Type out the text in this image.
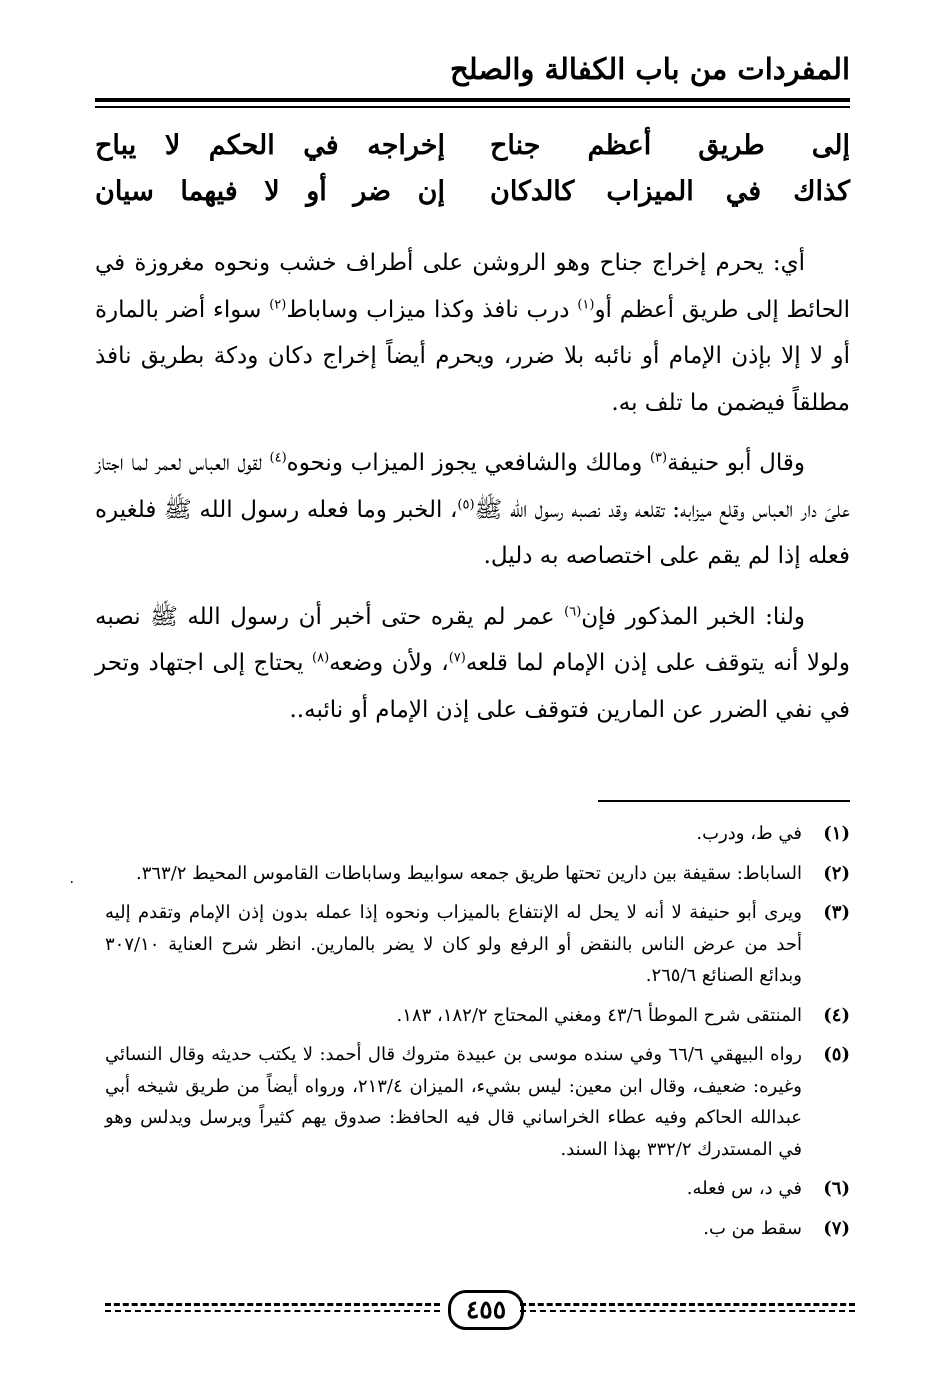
المفردات من باب الكفالة والصلح
إلى طريق أعظم جناح
إخراجه في الحكم لا يباح
كذاك في الميزاب كالدكان
إن ضر أو لا فيهما سيان

أي: يحرم إخراج جناح وهو الروشن على أطراف خشب ونحوه مغروزة في الحائط إلى طريق أعظم أو$^{(١)}$ درب نافذ وكذا ميزاب وساباط$^{(٢)}$ سواء أضر بالمارة أو لا إلا بإذن الإمام أو نائبه بلا ضرر، ويحرم أيضاً إخراج دكان ودكة بطريق نافذ مطلقاً فيضمن ما تلف به.

وقال أبو حنيفة$^{(٣)}$ ومالك والشافعي يجوز الميزاب ونحوه$^{(٤)}$ لقول العباس لعمر لما اجتاز علىَ دار العباس وقلع ميزابه: تقلعه وقد نصبه رسول الله ﷺ$^{(٥)}$، الخبر وما فعله رسول الله ﷺ فلغيره فعله إذا لم يقم على اختصاصه به دليل.

ولنا: الخبر المذكور فإن$^{(٦)}$ عمر لم يقره حتى أخبر أن رسول الله ﷺ نصبه ولولا أنه يتوقف على إذن الإمام لما قلعه$^{(٧)}$، ولأن وضعه$^{(٨)}$ يحتاج إلى اجتهاد وتحر في نفي الضرر عن المارين فتوقف على إذن الإمام أو نائبه..

٠
(١)
في ط، ودرب.
(٢)
الساباط: سقيفة بين دارين تحتها طريق جمعه سوابيط وساباطات القاموس المحيط ٣٦٣/٢.
(٣)
ويرى أبو حنيفة لا أنه لا يحل له الإنتفاع بالميزاب ونحوه إذا عمله بدون إذن الإمام وتقدم إليه أحد من عرض الناس بالنقض أو الرفع ولو كان لا يضر بالمارين. انظر شرح العناية ٣٠٧/١٠ وبدائع الصنائع ٢٦٥/٦.
(٤)
المنتقى شرح الموطأ ٤٣/٦ ومغني المحتاج ١٨٢/٢، ١٨٣.
(٥)
رواه البيهقي ٦٦/٦ وفي سنده موسى بن عبيدة متروك قال أحمد: لا يكتب حديثه وقال النسائي وغيره: ضعيف، وقال ابن معين: ليس بشيء، الميزان ٢١٣/٤، ورواه أيضاً من طريق شيخه أبي عبدالله الحاكم وفيه عطاء الخراساني قال فيه الحافظ: صدوق يهم كثيراً ويرسل ويدلس وهو في المستدرك ٣٣٢/٢ بهذا السند.
(٦)
في د، س فعله.
(٧)
سقط من ب.
٤٥٥
